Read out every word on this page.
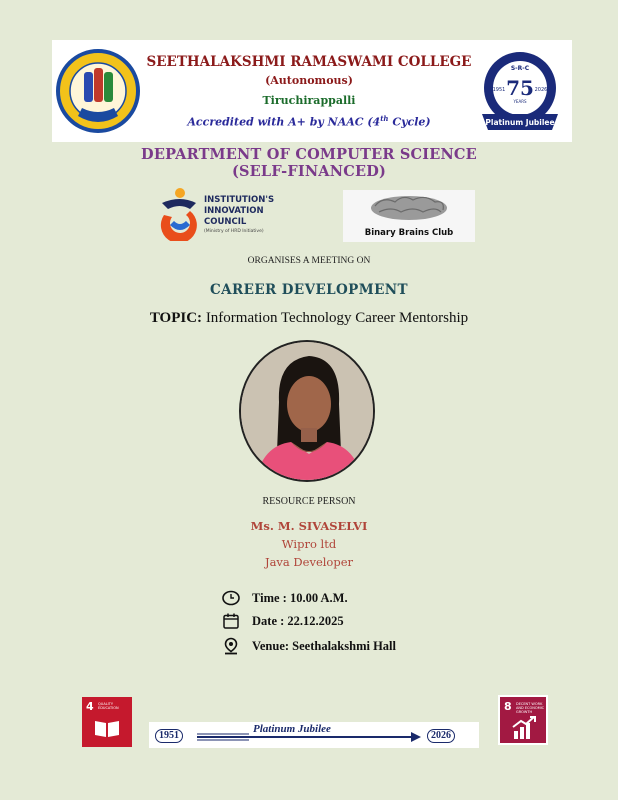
SEETHALAKSHMI RAMASWAMI COLLEGE
(Autonomous)
Tiruchirappalli
Accredited with A+ by NAAC (4th Cycle)
S-R-C
75
YEARS
1951	2026
Platinum Jubilee
DEPARTMENT OF COMPUTER SCIENCE
(SELF-FINANCED)
INSTITUTION'S
INNOVATION
COUNCIL
(Ministry of HRD Initiative)	Binary Brains Club
ORGANISES A MEETING ON
CAREER DEVELOPMENT
TOPIC: Information Technology Career Mentorship
RESOURCE PERSON
Ms. M. SIVASELVI
Wipro ltd
Java Developer
Time : 10.00 A.M.
Date : 22.12.2025
Venue: Seethalakshmi Hall
4 QUALITY EDUCATION
1951
Platinum Jubilee
2026
8 DECENT WORK AND ECONOMIC GROWTH
